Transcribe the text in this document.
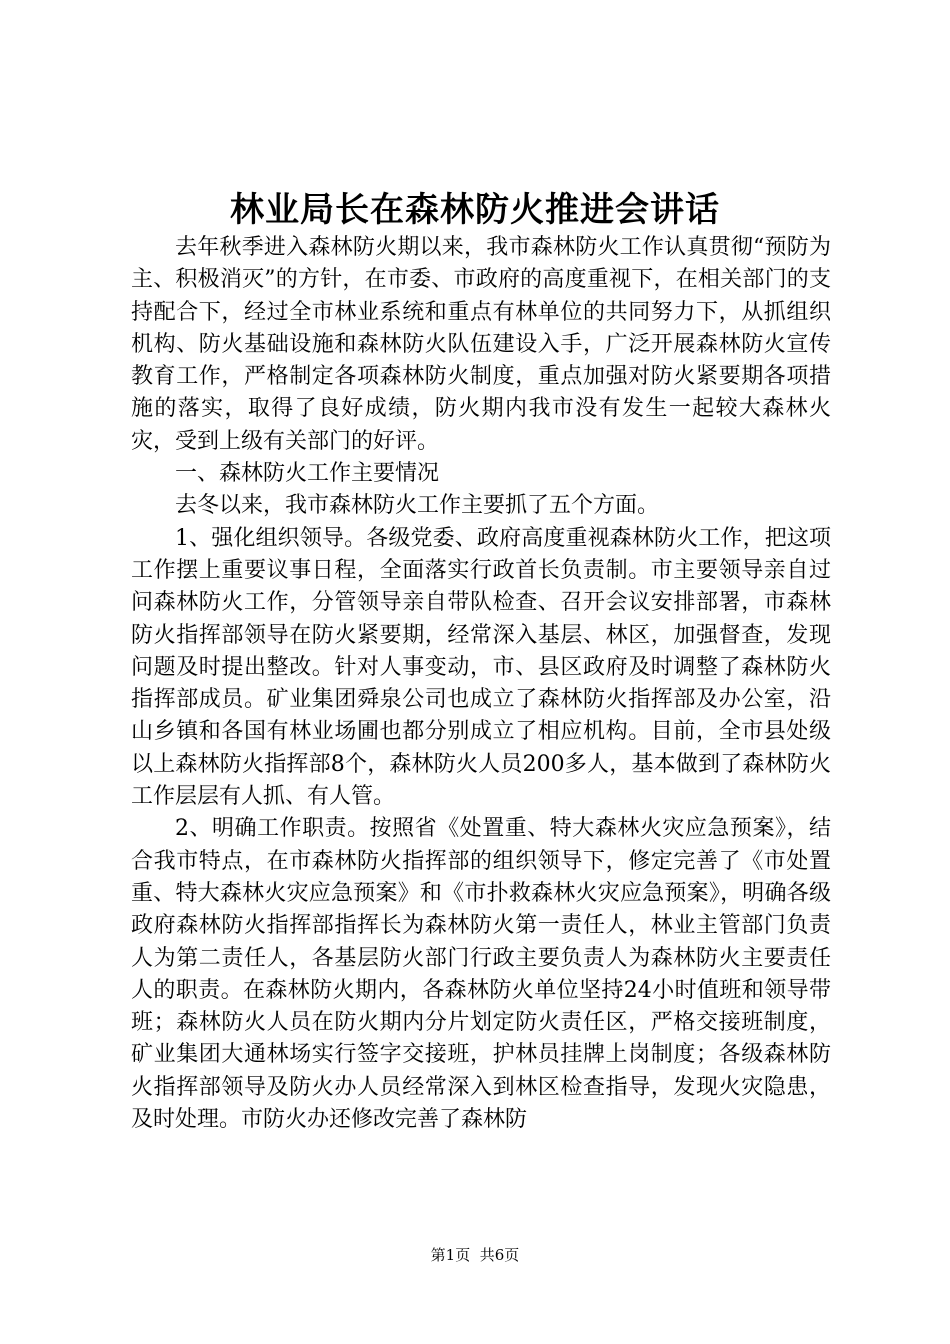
林业局长在森林防火推进会讲话

去年秋季进入森林防火期以来，我市森林防火工作认真贯彻“预防为主、积极消灭”的方针，在市委、市政府的高度重视下，在相关部门的支持配合下，经过全市林业系统和重点有林单位的共同努力下，从抓组织机构、防火基础设施和森林防火队伍建设入手，广泛开展森林防火宣传教育工作，严格制定各项森林防火制度，重点加强对防火紧要期各项措施的落实，取得了良好成绩，防火期内我市没有发生一起较大森林火灾，受到上级有关部门的好评。

一、森林防火工作主要情况

去冬以来，我市森林防火工作主要抓了五个方面。

1、强化组织领导。各级党委、政府高度重视森林防火工作，把这项工作摆上重要议事日程，全面落实行政首长负责制。市主要领导亲自过问森林防火工作，分管领导亲自带队检查、召开会议安排部署，市森林防火指挥部领导在防火紧要期，经常深入基层、林区，加强督查，发现问题及时提出整改。针对人事变动，市、县区政府及时调整了森林防火指挥部成员。矿业集团舜泉公司也成立了森林防火指挥部及办公室，沿山乡镇和各国有林业场圃也都分别成立了相应机构。目前，全市县处级以上森林防火指挥部8个，森林防火人员200多人，基本做到了森林防火工作层层有人抓、有人管。

2、明确工作职责。按照省《处置重、特大森林火灾应急预案》，结合我市特点，在市森林防火指挥部的组织领导下，修定完善了《市处置重、特大森林火灾应急预案》和《市扑救森林火灾应急预案》，明确各级政府森林防火指挥部指挥长为森林防火第一责任人，林业主管部门负责人为第二责任人，各基层防火部门行政主要负责人为森林防火主要责任人的职责。在森林防火期内，各森林防火单位坚持24小时值班和领导带班；森林防火人员在防火期内分片划定防火责任区，严格交接班制度，矿业集团大通林场实行签字交接班，护林员挂牌上岗制度；各级森林防火指挥部领导及防火办人员经常深入到林区检查指导，发现火灾隐患，及时处理。市防火办还修改完善了森林防

第1页 共6页
